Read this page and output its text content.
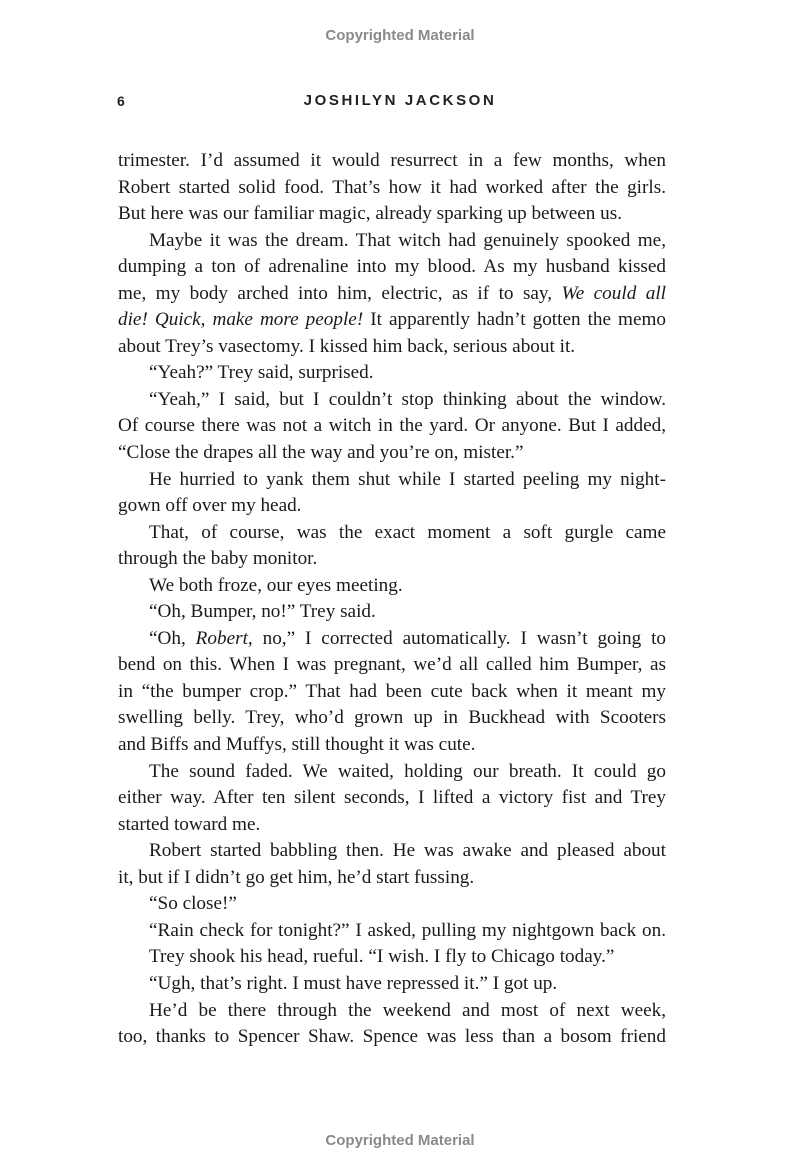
Copyrighted Material
6	JOSHILYN JACKSON
trimester. I’d assumed it would resurrect in a few months, when
Robert started solid food. That’s how it had worked after the girls.
But here was our familiar magic, already sparking up between us.
Maybe it was the dream. That witch had genuinely spooked me,
dumping a ton of adrenaline into my blood. As my husband kissed
me, my body arched into him, electric, as if to say, We could all
die! Quick, make more people! It apparently hadn’t gotten the memo
about Trey’s vasectomy. I kissed him back, serious about it.
“Yeah?” Trey said, surprised.
“Yeah,” I said, but I couldn’t stop thinking about the window.
Of course there was not a witch in the yard. Or anyone. But I added,
“Close the drapes all the way and you’re on, mister.”
He hurried to yank them shut while I started peeling my night-
gown off over my head.
That, of course, was the exact moment a soft gurgle came
through the baby monitor.
We both froze, our eyes meeting.
“Oh, Bumper, no!” Trey said.
“Oh, Robert, no,” I corrected automatically. I wasn’t going to
bend on this. When I was pregnant, we’d all called him Bumper, as
in “the bumper crop.” That had been cute back when it meant my
swelling belly. Trey, who’d grown up in Buckhead with Scooters
and Biffs and Muffys, still thought it was cute.
The sound faded. We waited, holding our breath. It could go
either way. After ten silent seconds, I lifted a victory fist and Trey
started toward me.
Robert started babbling then. He was awake and pleased about
it, but if I didn’t go get him, he’d start fussing.
“So close!”
“Rain check for tonight?” I asked, pulling my nightgown back on.
Trey shook his head, rueful. “I wish. I fly to Chicago today.”
“Ugh, that’s right. I must have repressed it.” I got up.
He’d be there through the weekend and most of next week,
too, thanks to Spencer Shaw. Spence was less than a bosom friend
Copyrighted Material
